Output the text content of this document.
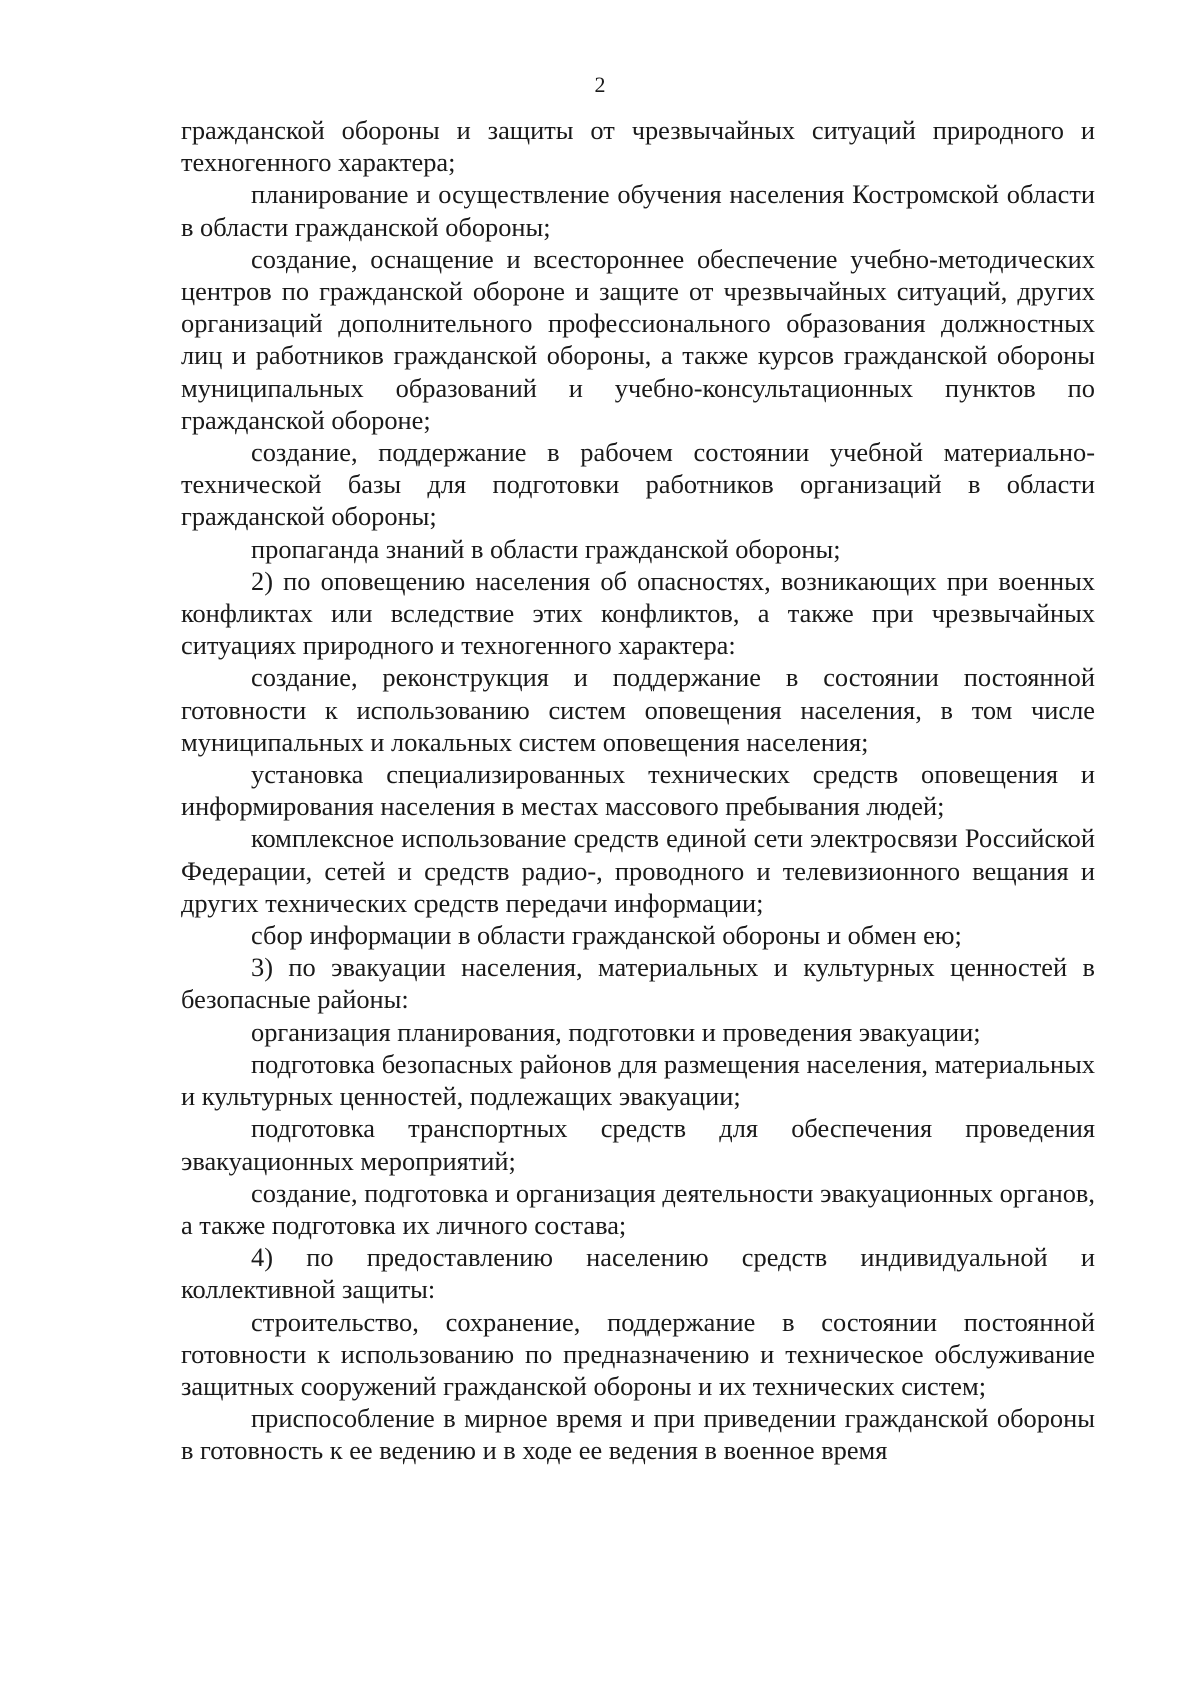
2

гражданской обороны и защиты от чрезвычайных ситуаций природного и техногенного характера;

планирование и осуществление обучения населения Костромской области в области гражданской обороны;

создание, оснащение и всестороннее обеспечение учебно-методических центров по гражданской обороне и защите от чрезвычайных ситуаций, других организаций дополнительного профессионального образования должностных лиц и работников гражданской обороны, а также курсов гражданской обороны муниципальных образований и учебно-консультационных пунктов по гражданской обороне;

создание, поддержание в рабочем состоянии учебной материально-технической базы для подготовки работников организаций в области гражданской обороны;

пропаганда знаний в области гражданской обороны;

2) по оповещению населения об опасностях, возникающих при военных конфликтах или вследствие этих конфликтов, а также при чрезвычайных ситуациях природного и техногенного характера:

создание, реконструкция и поддержание в состоянии постоянной готовности к использованию систем оповещения населения, в том числе муниципальных и локальных систем оповещения населения;

установка специализированных технических средств оповещения и информирования населения в местах массового пребывания людей;

комплексное использование средств единой сети электросвязи Российской Федерации, сетей и средств радио-, проводного и телевизионного вещания и других технических средств передачи информации;

сбор информации в области гражданской обороны и обмен ею;

3) по эвакуации населения, материальных и культурных ценностей в безопасные районы:

организация планирования, подготовки и проведения эвакуации;

подготовка безопасных районов для размещения населения, материальных и культурных ценностей, подлежащих эвакуации;

подготовка транспортных средств для обеспечения проведения эвакуационных мероприятий;

создание, подготовка и организация деятельности эвакуационных органов, а также подготовка их личного состава;

4) по предоставлению населению средств индивидуальной и коллективной защиты:

строительство, сохранение, поддержание в состоянии постоянной готовности к использованию по предназначению и техническое обслуживание защитных сооружений гражданской обороны и их технических систем;

приспособление в мирное время и при приведении гражданской обороны в готовность к ее ведению и в ходе ее ведения в военное время
